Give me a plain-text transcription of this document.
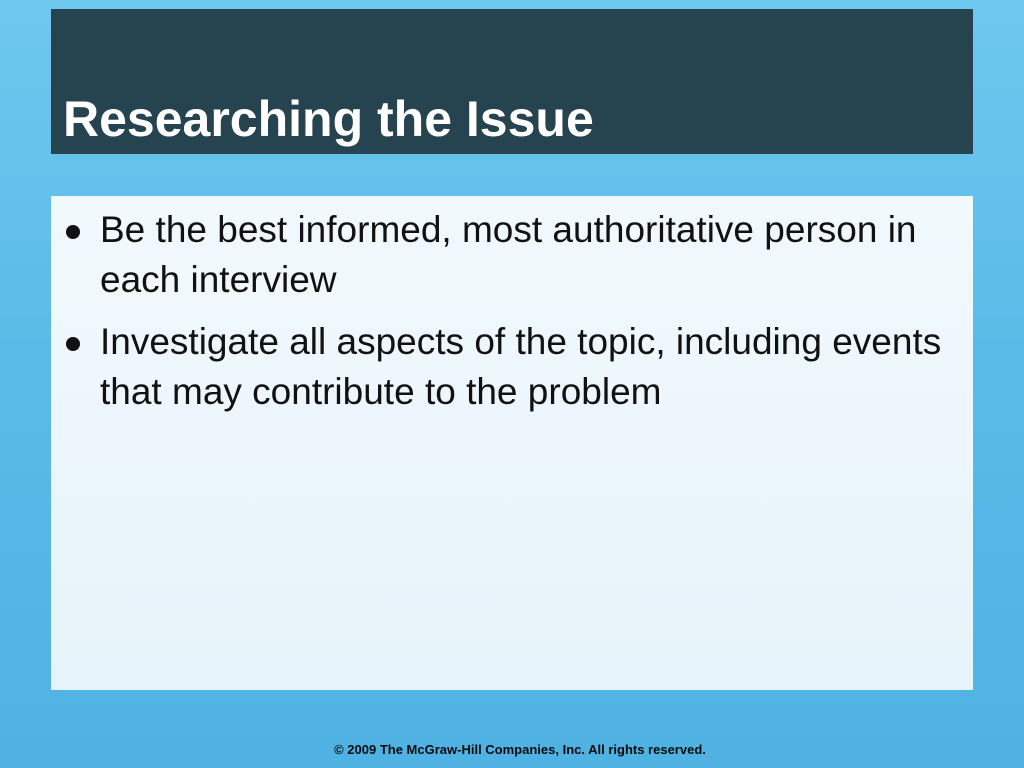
Researching the Issue
Be the best informed, most authoritative person in each interview
Investigate all aspects of the topic, including events that may contribute to the problem
© 2009 The McGraw-Hill Companies, Inc. All rights reserved.
